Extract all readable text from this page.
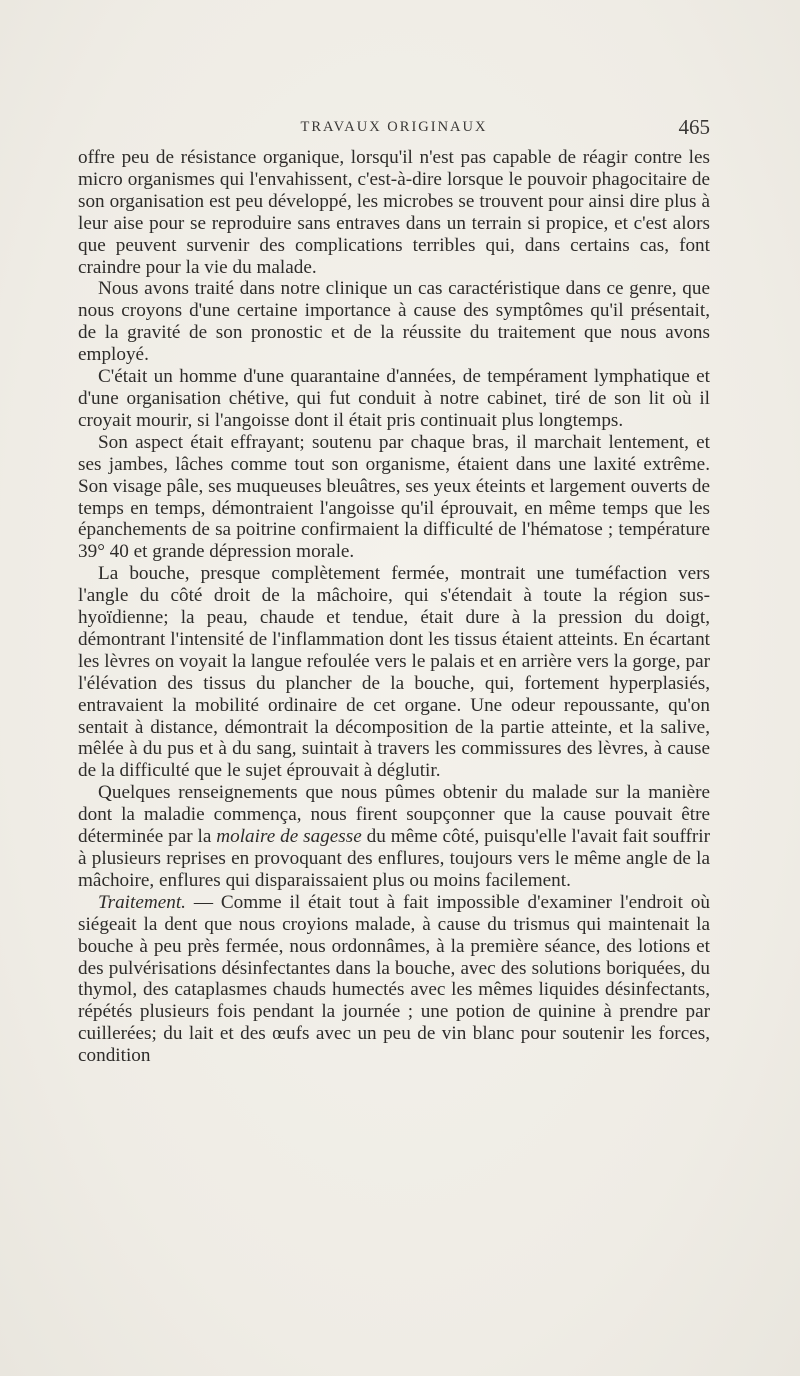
TRAVAUX ORIGINAUX	465

offre peu de résistance organique, lorsqu'il n'est pas capable de réagir contre les micro organismes qui l'envahissent, c'est-à-dire lorsque le pouvoir phagocitaire de son organisation est peu développé, les microbes se trouvent pour ainsi dire plus à leur aise pour se reproduire sans entraves dans un terrain si propice, et c'est alors que peuvent survenir des complications terribles qui, dans certains cas, font craindre pour la vie du malade.

Nous avons traité dans notre clinique un cas caractéristique dans ce genre, que nous croyons d'une certaine importance à cause des symptômes qu'il présentait, de la gravité de son pronostic et de la réussite du traitement que nous avons employé.

C'était un homme d'une quarantaine d'années, de tempérament lymphatique et d'une organisation chétive, qui fut conduit à notre cabinet, tiré de son lit où il croyait mourir, si l'angoisse dont il était pris continuait plus longtemps.

Son aspect était effrayant; soutenu par chaque bras, il marchait lentement, et ses jambes, lâches comme tout son organisme, étaient dans une laxité extrême. Son visage pâle, ses muqueuses bleuâtres, ses yeux éteints et largement ouverts de temps en temps, démontraient l'angoisse qu'il éprouvait, en même temps que les épanchements de sa poitrine confirmaient la difficulté de l'hématose ; température 39° 40 et grande dépression morale.

La bouche, presque complètement fermée, montrait une tuméfaction vers l'angle du côté droit de la mâchoire, qui s'étendait à toute la région sus-hyoïdienne; la peau, chaude et tendue, était dure à la pression du doigt, démontrant l'intensité de l'inflammation dont les tissus étaient atteints. En écartant les lèvres on voyait la langue refoulée vers le palais et en arrière vers la gorge, par l'élévation des tissus du plancher de la bouche, qui, fortement hyperplasiés, entravaient la mobilité ordinaire de cet organe. Une odeur repoussante, qu'on sentait à distance, démontrait la décomposition de la partie atteinte, et la salive, mêlée à du pus et à du sang, suintait à travers les commissures des lèvres, à cause de la difficulté que le sujet éprouvait à déglutir.

Quelques renseignements que nous pûmes obtenir du malade sur la manière dont la maladie commença, nous firent soupçonner que la cause pouvait être déterminée par la molaire de sagesse du même côté, puisqu'elle l'avait fait souffrir à plusieurs reprises en provoquant des enflures, toujours vers le même angle de la mâchoire, enflures qui disparaissaient plus ou moins facilement.

Traitement. — Comme il était tout à fait impossible d'examiner l'endroit où siégeait la dent que nous croyions malade, à cause du trismus qui maintenait la bouche à peu près fermée, nous ordonnâmes, à la première séance, des lotions et des pulvérisations désinfectantes dans la bouche, avec des solutions boriquées, du thymol, des cataplasmes chauds humectés avec les mêmes liquides désinfectants, répétés plusieurs fois pendant la journée ; une potion de quinine à prendre par cuillerées; du lait et des œufs avec un peu de vin blanc pour soutenir les forces, condition
